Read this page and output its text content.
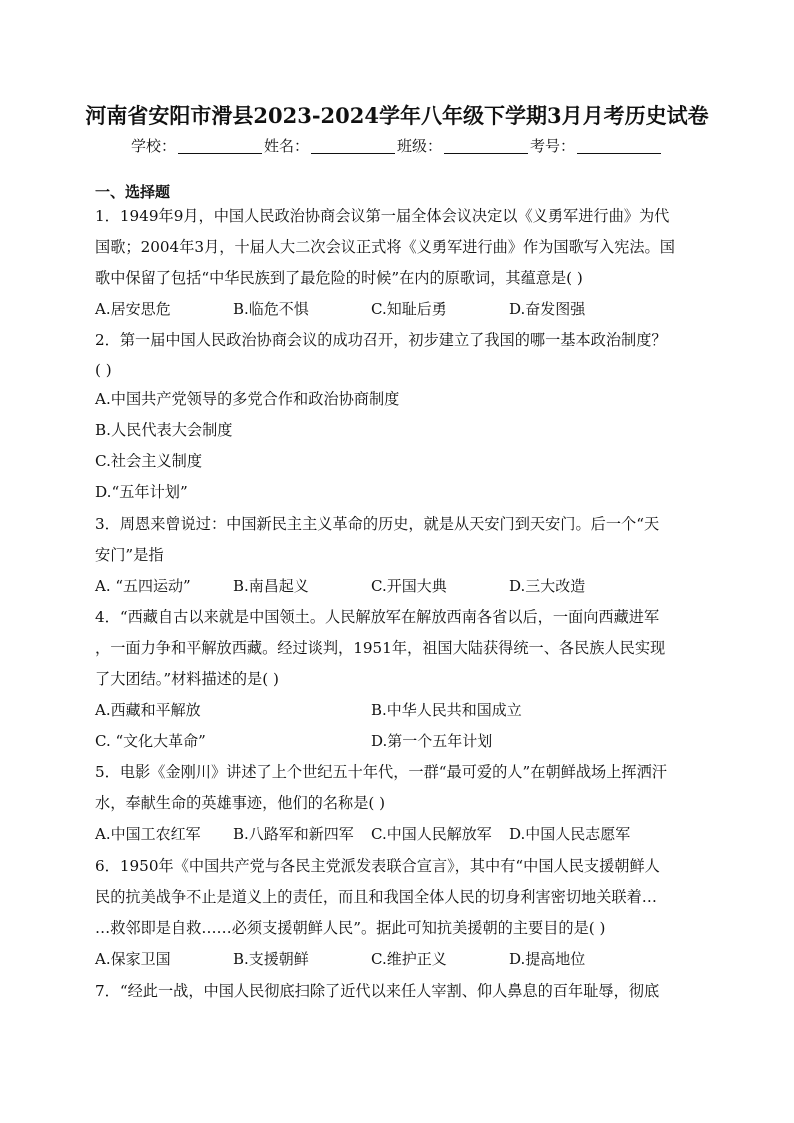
河南省安阳市滑县2023-2024学年八年级下学期3月月考历史试卷
学校：	姓名：	班级：	考号：
一、选择题
1．1949年9月，中国人民政治协商会议第一届全体会议决定以《义勇军进行曲》为代
国歌；2004年3月，十届人大二次会议正式将《义勇军进行曲》作为国歌写入宪法。国
歌中保留了包括“中华民族到了最危险的时候”在内的原歌词，其蕴意是( )
A.居安思危	B.临危不惧	C.知耻后勇	D.奋发图强
2．第一届中国人民政治协商会议的成功召开，初步建立了我国的哪一基本政治制度？
( )
A.中国共产党领导的多党合作和政治协商制度
B.人民代表大会制度
C.社会主义制度
D.“五年计划”
3．周恩来曾说过：中国新民主主义革命的历史，就是从天安门到天安门。后一个“天
安门”是指
A. “五四运动”	B.南昌起义	C.开国大典	D.三大改造
4．“西藏自古以来就是中国领土。人民解放军在解放西南各省以后，一面向西藏进军
，一面力争和平解放西藏。经过谈判，1951年，祖国大陆获得统一、各民族人民实现
了大团结。”材料描述的是( )
A.西藏和平解放	B.中华人民共和国成立
C. “文化大革命”	D.第一个五年计划
5．电影《金刚川》讲述了上个世纪五十年代，一群“最可爱的人”在朝鲜战场上挥洒汗
水，奉献生命的英雄事迹，他们的名称是( )
A.中国工农红军 B.八路军和新四军 C.中国人民解放军 D.中国人民志愿军
6．1950年《中国共产党与各民主党派发表联合宣言》，其中有“中国人民支援朝鲜人
民的抗美战争不止是道义上的责任，而且和我国全体人民的切身利害密切地关联着…
…救邻即是自救……必须支援朝鲜人民”。据此可知抗美援朝的主要目的是( )
A.保家卫国	B.支援朝鲜	C.维护正义	D.提高地位
7．“经此一战，中国人民彻底扫除了近代以来任人宰割、仰人鼻息的百年耻辱，彻底
